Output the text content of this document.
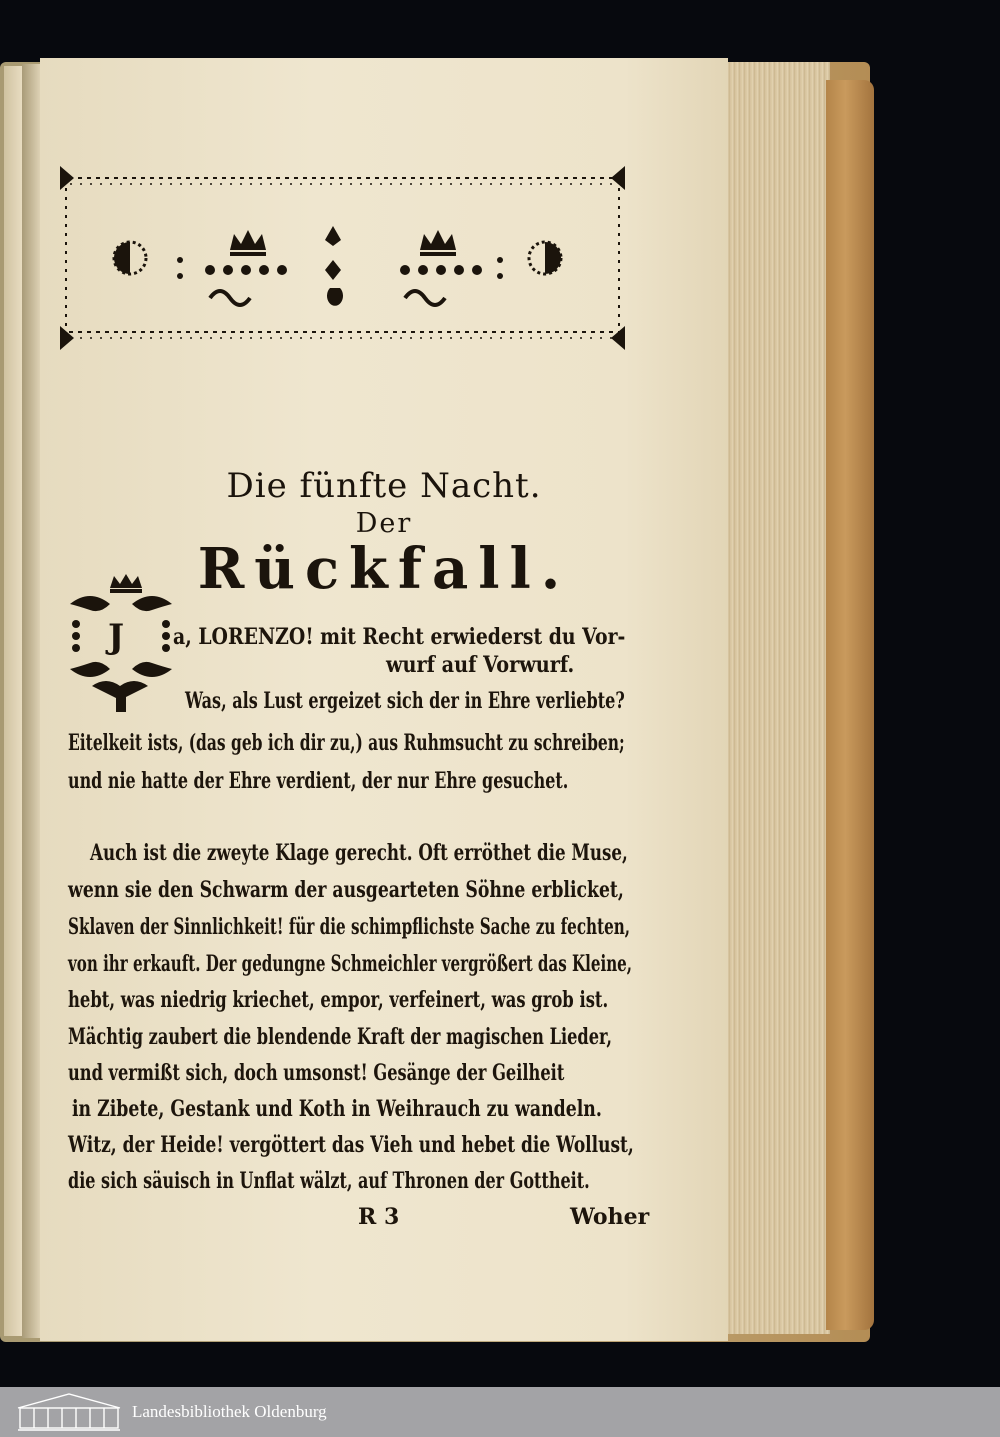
Die fünfte Nacht.
Der
Rückfall.
J a, LORENZO! mit Recht erwiederst du Vor-
wurf auf Vorwurf.
Was, als Lust ergeizet sich der in Ehre verliebte?
Eitelkeit ists, (das geb ich dir zu,) aus Ruhmsucht zu schreiben;
und nie hatte der Ehre verdient, der nur Ehre gesuchet.
Auch ist die zweyte Klage gerecht. Oft erröthet die Muse,
wenn sie den Schwarm der ausgearteten Söhne erblicket,
Sklaven der Sinnlichkeit! für die schimpflichste Sache zu fechten,
von ihr erkauft. Der gedungne Schmeichler vergrößert das Kleine,
hebt, was niedrig kriechet, empor, verfeinert, was grob ist.
Mächtig zaubert die blendende Kraft der magischen Lieder,
und vermißt sich, doch umsonst! Gesänge der Geilheit
in Zibete, Gestank und Koth in Weihrauch zu wandeln.
Witz, der Heide! vergöttert das Vieh und hebet die Wollust,
die sich säuisch in Unflat wälzt, auf Thronen der Gottheit.
R 3	Woher
Landesbibliothek Oldenburg
